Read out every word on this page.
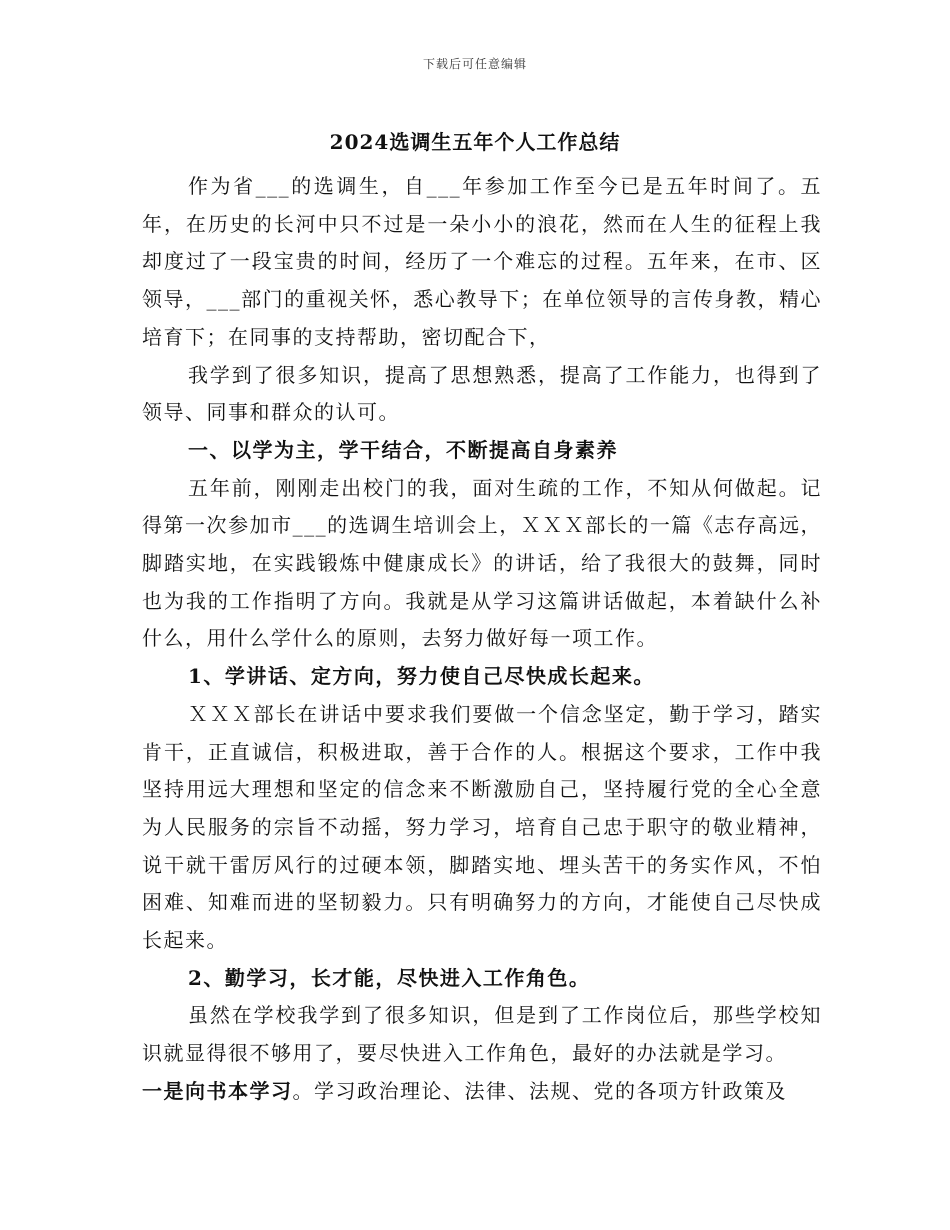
下载后可任意编辑
2024选调生五年个人工作总结

作为省___的选调生，自___年参加工作至今已是五年时间了。五年，在历史的长河中只不过是一朵小小的浪花，然而在人生的征程上我却度过了一段宝贵的时间，经历了一个难忘的过程。五年来，在市、区领导，___部门的重视关怀，悉心教导下；在单位领导的言传身教，精心培育下；在同事的支持帮助，密切配合下，

我学到了很多知识，提高了思想熟悉，提高了工作能力，也得到了领导、同事和群众的认可。

一、以学为主，学干结合，不断提高自身素养

五年前，刚刚走出校门的我，面对生疏的工作，不知从何做起。记得第一次参加市___的选调生培训会上，ＸＸＸ部长的一篇《志存高远，脚踏实地，在实践锻炼中健康成长》的讲话，给了我很大的鼓舞，同时也为我的工作指明了方向。我就是从学习这篇讲话做起，本着缺什么补什么，用什么学什么的原则，去努力做好每一项工作。

1、学讲话、定方向，努力使自己尽快成长起来。

ＸＸＸ部长在讲话中要求我们要做一个信念坚定，勤于学习，踏实肯干，正直诚信，积极进取，善于合作的人。根据这个要求，工作中我坚持用远大理想和坚定的信念来不断激励自己，坚持履行党的全心全意为人民服务的宗旨不动摇，努力学习，培育自己忠于职守的敬业精神，说干就干雷厉风行的过硬本领，脚踏实地、埋头苦干的务实作风，不怕困难、知难而进的坚韧毅力。只有明确努力的方向，才能使自己尽快成长起来。

2、勤学习，长才能，尽快进入工作角色。

虽然在学校我学到了很多知识，但是到了工作岗位后，那些学校知识就显得很不够用了，要尽快进入工作角色，最好的办法就是学习。

一是向书本学习。学习政治理论、法律、法规、党的各项方针政策及
